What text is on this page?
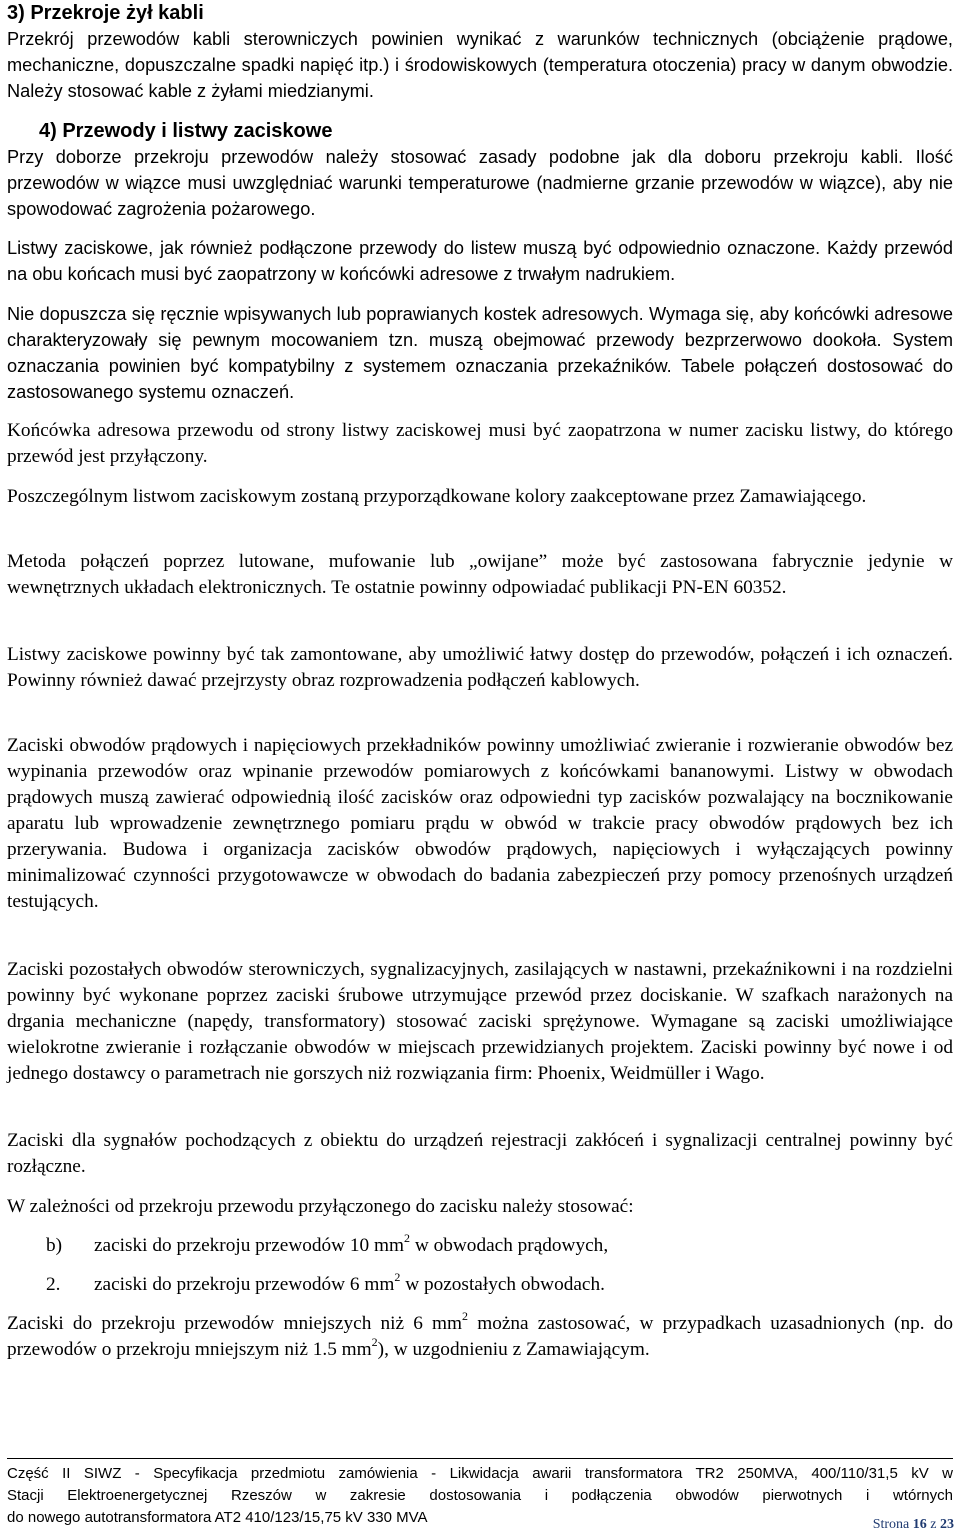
3) Przekroje żył kabli
Przekrój przewodów kabli sterowniczych powinien wynikać z warunków technicznych (obciążenie prądowe, mechaniczne, dopuszczalne spadki napięć itp.) i środowiskowych (temperatura otoczenia) pracy w danym obwodzie. Należy stosować kable z żyłami miedzianymi.
4) Przewody i listwy zaciskowe
Przy doborze przekroju przewodów należy stosować zasady podobne jak dla doboru przekroju kabli. Ilość przewodów w wiązce musi uwzględniać warunki temperaturowe (nadmierne grzanie przewodów w wiązce), aby nie spowodować zagrożenia pożarowego.
Listwy zaciskowe, jak również podłączone przewody do listew muszą być odpowiednio oznaczone. Każdy przewód na obu końcach musi być zaopatrzony w końcówki adresowe z trwałym nadrukiem.
Nie dopuszcza się ręcznie wpisywanych lub poprawianych kostek adresowych. Wymaga się, aby końcówki adresowe charakteryzowały się pewnym mocowaniem tzn. muszą obejmować przewody bezprzerwowo dookoła. System oznaczania powinien być kompatybilny z systemem oznaczania przekaźników. Tabele połączeń dostosować do zastosowanego systemu oznaczeń.
Końcówka adresowa przewodu od strony listwy zaciskowej musi być zaopatrzona w numer zacisku listwy, do którego przewód jest przyłączony.
Poszczególnym listwom zaciskowym zostaną przyporządkowane kolory zaakceptowane przez Zamawiającego.
Metoda połączeń poprzez lutowane, mufowanie lub „owijane” może być zastosowana fabrycznie jedynie w wewnętrznych układach elektronicznych. Te ostatnie powinny odpowiadać publikacji PN-EN 60352.
Listwy zaciskowe powinny być tak zamontowane, aby umożliwić łatwy dostęp do przewodów, połączeń i ich oznaczeń. Powinny również dawać przejrzysty obraz rozprowadzenia podłączeń kablowych.
Zaciski obwodów prądowych i napięciowych przekładników powinny umożliwiać zwieranie i rozwieranie obwodów bez wypinania przewodów oraz wpinanie przewodów pomiarowych z końcówkami bananowymi. Listwy w obwodach prądowych muszą zawierać odpowiednią ilość zacisków oraz odpowiedni typ zacisków pozwalający na bocznikowanie aparatu lub wprowadzenie zewnętrznego pomiaru prądu w obwód w trakcie pracy obwodów prądowych bez ich przerywania. Budowa i organizacja zacisków obwodów prądowych, napięciowych i wyłączających powinny minimalizować czynności przygotowawcze w obwodach do badania zabezpieczeń przy pomocy przenośnych urządzeń testujących.
Zaciski pozostałych obwodów sterowniczych, sygnalizacyjnych, zasilających w nastawni, przekaźnikowni i na rozdzielni powinny być wykonane poprzez zaciski śrubowe utrzymujące przewód przez dociskanie. W szafkach narażonych na drgania mechaniczne (napędy, transformatory) stosować zaciski sprężynowe. Wymagane są zaciski umożliwiające wielokrotne zwieranie i rozłączanie obwodów w miejscach przewidzianych projektem. Zaciski powinny być nowe i od jednego dostawcy o parametrach nie gorszych niż rozwiązania firm: Phoenix, Weidmüller i Wago.
Zaciski dla sygnałów pochodzących z obiektu do urządzeń rejestracji zakłóceń i sygnalizacji centralnej powinny być rozłączne.
W zależności od przekroju przewodu przyłączonego do zacisku należy stosować:
b) zaciski do przekroju przewodów 10 $mm^2$ w obwodach prądowych,
2. zaciski do przekroju przewodów 6 $mm^2$ w pozostałych obwodach.
Zaciski do przekroju przewodów mniejszych niż 6 $mm^2$ można zastosować, w przypadkach uzasadnionych (np. do przewodów o przekroju mniejszym niż 1.5 $mm^2$), w uzgodnieniu z Zamawiającym.
Część II SIWZ - Specyfikacja przedmiotu zamówienia - Likwidacja awarii transformatora TR2 250MVA, 400/110/31,5 kV w
Stacji Elektroenergetycznej Rzeszów w zakresie dostosowania i podłączenia obwodów pierwotnych i wtórnych
do nowego autotransformatora AT2 410/123/15,75 kV 330 MVA	Strona 16 z 23
